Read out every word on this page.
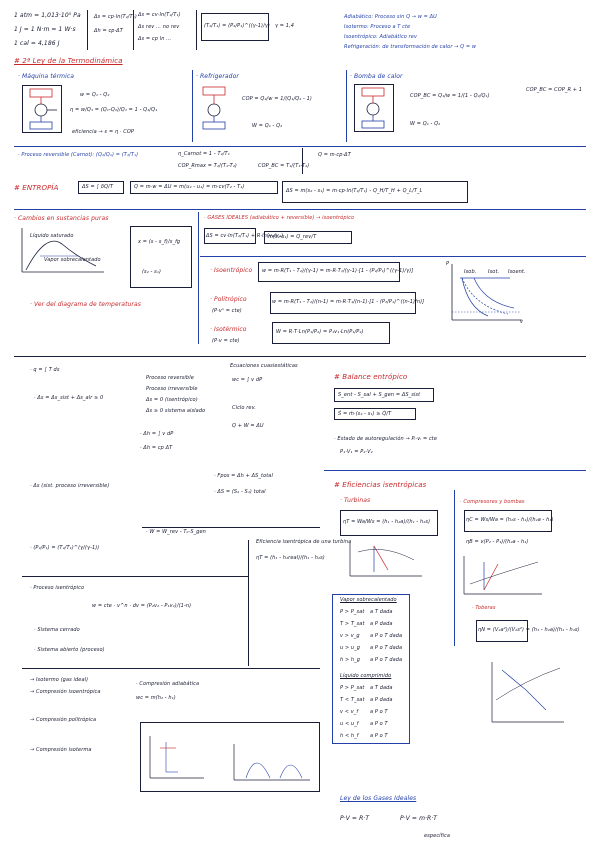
1 atm = 1,013·10⁵ Pa
1 J = 1 N·m = 1 W·s
1 cal = 4,186 J
Δs = cp·ln(T₂/T₁)
Δh = cp·ΔT
Δs = cv·ln(T₂/T₁)
Δs rev ... no rev
Δs = cp ln ...
(T₂/T₁) = (P₂/P₁)^((γ-1)/γ) γ = 1,4
Adiabático: Proceso sin Q → w = ΔU
Isotermo: Proceso a T cte
Isoentrópico: Adiabático rev
Refrigeración: de transformación de calor → Q = w
# 2ª Ley de la Termodinámica
· Máquina térmica
w = Q₁ - Q₂
η = w/Q₁ = (Q₁-Q₂)/Q₁ = 1 - Q₂/Q₁
eficiencia → ε = η · COP
· Refrigerador
COP = Q₂/w = 1/(Q₁/Q₂ - 1)
W = Q₁ - Q₂
· Bomba de calor
COP_BC = Q₁/w = 1/(1 - Q₂/Q₁)
W = Q₁ - Q₂
COP_BC = COP_R + 1
· Proceso reversible (Carnot): (Q₂/Q₁) = (T₂/T₁)	η_Carnot = 1 - T₂/T₁
COP_Rmax = T₂/(T₁-T₂)	COP_BC = T₁/(T₁-T₂)
Q = m·cp·ΔT
# ENTROPÍA	ΔS = ∫ δQ/T	Q = m·w = ΔU = m(u₂ - u₁) = m·cv(T₂ - T₁)
ΔS = m(s₂ - s₁) = m·cp·ln(T₂/T₁) - Q_H/T_H + Q_L/T_L
· Cambios en sustancias puras
Líquido saturado
Vapor sobrecalentado
x = (s - s_f)/s_fg
(s₂ - s₁)
· Ver del diagrama de temperaturas
· GASES IDEALES (adiabático + reversible) → isoentrópico
ΔS = cv·ln(T₂/T₁) + R·ln(v₂/v₁)
m(s₂-s₁) = Q_rev/T
· Isoentrópico w = m·R(T₁ - T₂)/(γ-1) = m·R·T₁/(γ-1)·[1 - (P₂/P₁)^((γ-1)/γ)]
· Politrópico
(P·vⁿ = cte)
w = m·R(T₁ - T₂)/(n-1) = m·R·T₁/(n-1)·[1 - (P₂/P₁)^((n-1)/n)]
· Isotérmico
(P·v = cte)
W = R·T·Ln(P₁/P₂) = P₁v₁·Ln(P₁/P₂)
P
Isob. Isot. Isoent.
v
· q = ∫ T ds
Proceso reversible
Proceso irreversible
Δs = 0 (isentrópico)
Δs ≥ 0 sistema aislado
· Δs = Δs_sist + Δs_alr ≥ 0
· Δh = ∫ v dP
· Δh = cp ΔT
· Δs (sist. proceso irreversible)
· (P₂/P₁) = (T₂/T₁)^(γ/(γ-1))
Ecuaciones cuasiestáticas
wc = ∫ v dP
Ciclo rev.
Q + W = ΔU
· Fpos = Δh + ΔS_total
· ΔS = (S₂ - S₁) total
· W = W_rev - T₀·S_gen
· Proceso isentrópico
w = cte · v^n · dv = (P₂v₂ - P₁v₁)/(1-n)
· Sistema cerrado
· Sistema abierto (proceso)
Eficiencia isentrópica de una turbina
ηT = (h₁ - h₂real)/(h₁ - h₂s)
→ Isotermo (gas ideal)
→ Compresión isoentrópica
→ Compresión politrópica
→ Compresión isoterma
· Compresión adiabática
wc = m(h₂ - h₁)
# Balance entrópico
S_ent - S_sal + S_gen = ΔS_sist
Ṡ = ṁ·(s₂ - s₁) ≥ Q̇/T
· Estado de autoregulación → Pᵢ·vᵢ = cte
P₁·V₁ = P₂·V₂
# Eficiencias isentrópicas
· Turbinas
ηT = Wa/Ws = (h₁ - h₂a)/(h₁ - h₂s)
· Compresores y bombas
ηC = Ws/Wa = (h₂s - h₁)/(h₂a - h₁)
ηB = v(P₂ - P₁)/(h₂a - h₁)
· Toberas
ηN = (V₂a²)/(V₂s²) = (h₁ - h₂a)/(h₁ - h₂s)
Vapor sobrecalentado
P > P_sat a T dada
T > T_sat a P dada
v > v_g a P o T dada
u > u_g a P o T dada
h > h_g a P o T dada
Líquido comprimido
P > P_sat a T dada
T < T_sat a P dada
v < v_f a P o T
u < u_f a P o T
h < h_f a P o T
Ley de los Gases Ideales
P·V = R·T	P·V = m·R·T
específica
